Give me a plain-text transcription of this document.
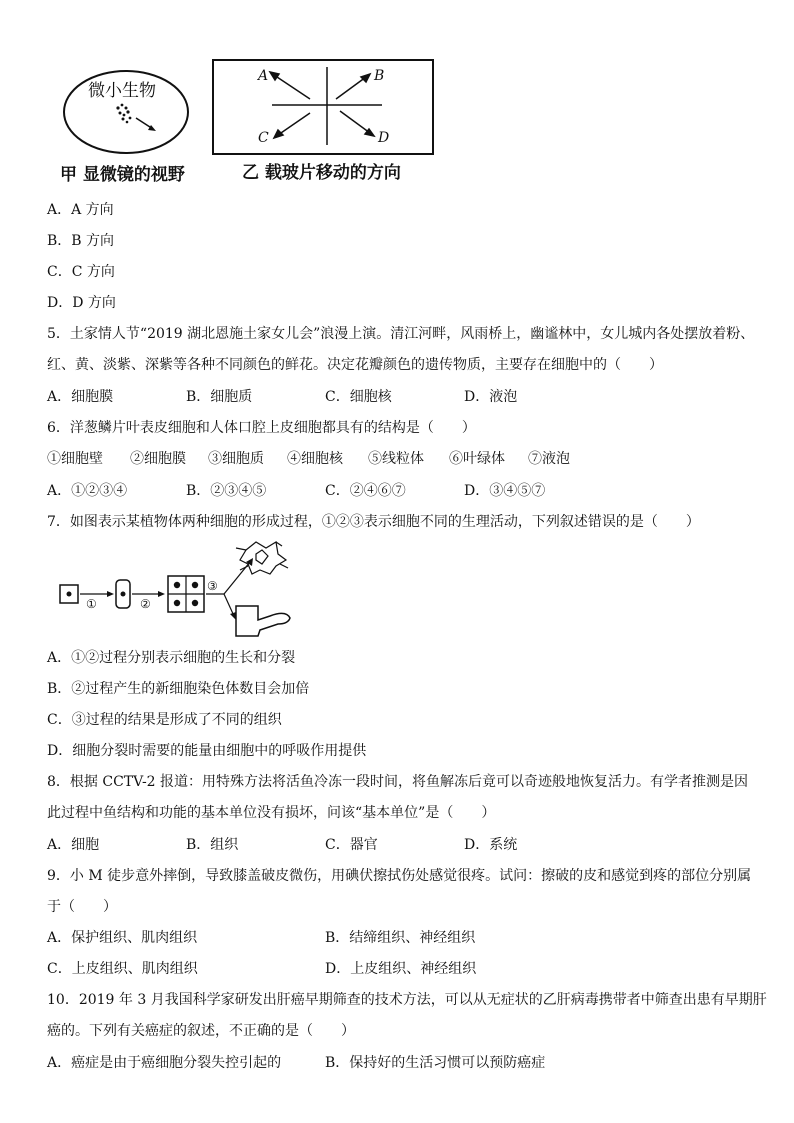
微小生物
A	B
C	D
甲 显微镜的视野	乙 载玻片移动的方向
A．A 方向
B．B 方向
C．C 方向
D．D 方向
5．土家情人节“2019 湖北恩施土家女儿会”浪漫上演。清江河畔，风雨桥上，幽谧林中，女儿城内各处摆放着粉、
红、黄、淡紫、深紫等各种不同颜色的鲜花。决定花瓣颜色的遗传物质，主要存在细胞中的（　　）
A．细胞膜	B．细胞质	C．细胞核	D．液泡
6．洋葱鳞片叶表皮细胞和人体口腔上皮细胞都具有的结构是（　　）
①细胞壁 ②细胞膜 ③细胞质 ④细胞核 ⑤线粒体 ⑥叶绿体 ⑦液泡
A．①②③④	B．②③④⑤	C．②④⑥⑦	D．③④⑤⑦
7．如图表示某植物体两种细胞的形成过程，①②③表示细胞不同的生理活动，下列叙述错误的是（　　）
①	②
③
A．①②过程分别表示细胞的生长和分裂
B．②过程产生的新细胞染色体数目会加倍
C．③过程的结果是形成了不同的组织
D．细胞分裂时需要的能量由细胞中的呼吸作用提供
8．根据 CCTV-2 报道：用特殊方法将活鱼冷冻一段时间，将鱼解冻后竟可以奇迹般地恢复活力。有学者推测是因
此过程中鱼结构和功能的基本单位没有损坏，问该“基本单位”是（　　）
A．细胞	B．组织	C．器官	D．系统
9．小 M 徒步意外摔倒，导致膝盖破皮微伤，用碘伏擦拭伤处感觉很疼。试问：擦破的皮和感觉到疼的部位分别属
于（　　）
A．保护组织、肌肉组织	B．结缔组织、神经组织
C．上皮组织、肌肉组织	D．上皮组织、神经组织
10．2019 年 3 月我国科学家研发出肝癌早期筛查的技术方法，可以从无症状的乙肝病毒携带者中筛查出患有早期肝
癌的。下列有关癌症的叙述，不正确的是（　　）
A．癌症是由于癌细胞分裂失控引起的	B．保持好的生活习惯可以预防癌症
